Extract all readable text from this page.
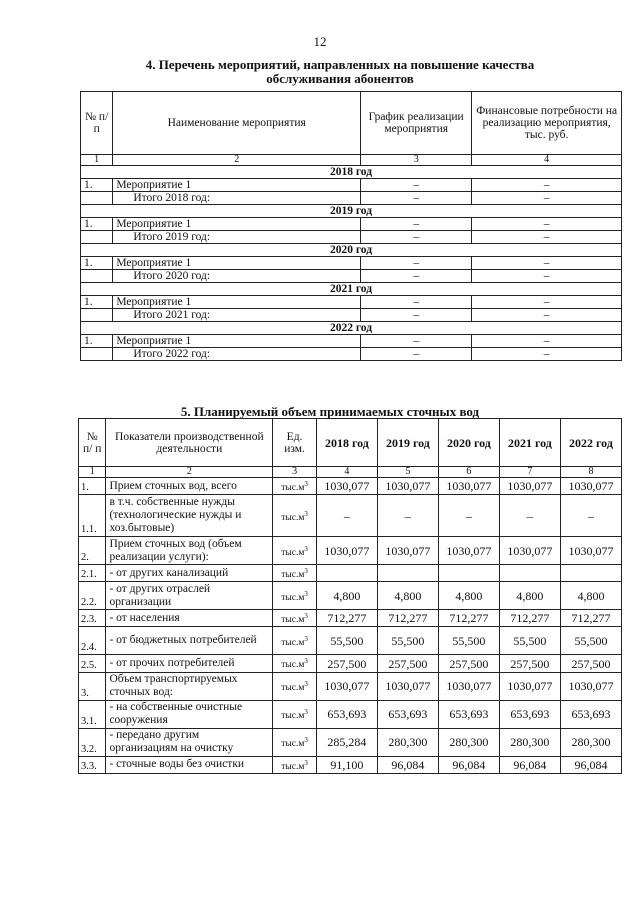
12
4. Перечень мероприятий, направленных на повышение качества
обслуживания абонентов
№ п/п	Наименование мероприятия	График реализации мероприятия	Финансовые потребности на реализацию мероприятия, тыс. руб.
1	2	3	4
2018 год			
1.	Мероприятие 1	–	–
	Итого 2018 год:	–	–
2019 год			
1.	Мероприятие 1	–	–
	Итого 2019 год:	–	–
2020 год			
1.	Мероприятие 1	–	–
	Итого 2020 год:	–	–
2021 год			
1.	Мероприятие 1	–	–
	Итого 2021 год:	–	–
2022 год			
1.	Мероприятие 1	–	–
	Итого 2022 год:	–	–
5. Планируемый объем принимаемых сточных вод
№ п/ п	Показатели производственной деятельности	Ед. изм.	2018 год	2019 год	2020 год	2021 год	2022 год
1	2	3	4	5	6	7	8
1.	Прием сточных вод, всего	$тыс.м^3$	1030,077	1030,077	1030,077	1030,077	1030,077
1.1.	в т.ч. собственные нужды (технологические нужды и хоз.бытовые)	$тыс.м^3$	–	–	–	–	–
2.	Прием сточных вод (объем реализации услуги):	$тыс.м^3$	1030,077	1030,077	1030,077	1030,077	1030,077
2.1.	- от других канализаций	$тыс.м^3$					
2.2.	- от других отраслей организации	$тыс.м^3$	4,800	4,800	4,800	4,800	4,800
2.3.	- от населения	$тыс.м^3$	712,277	712,277	712,277	712,277	712,277
2.4.	- от бюджетных потребителей	$тыс.м^3$	55,500	55,500	55,500	55,500	55,500
2.5.	- от прочих потребителей	$тыс.м^3$	257,500	257,500	257,500	257,500	257,500
3.	Объем транспортируемых сточных вод:	$тыс.м^3$	1030,077	1030,077	1030,077	1030,077	1030,077
3.1.	- на собственные очистные сооружения	$тыс.м^3$	653,693	653,693	653,693	653,693	653,693
3.2.	- передано другим организациям на очистку	$тыс.м^3$	285,284	280,300	280,300	280,300	280,300
3.3.	- сточные воды без очистки	$тыс.м^3$	91,100	96,084	96,084	96,084	96,084
